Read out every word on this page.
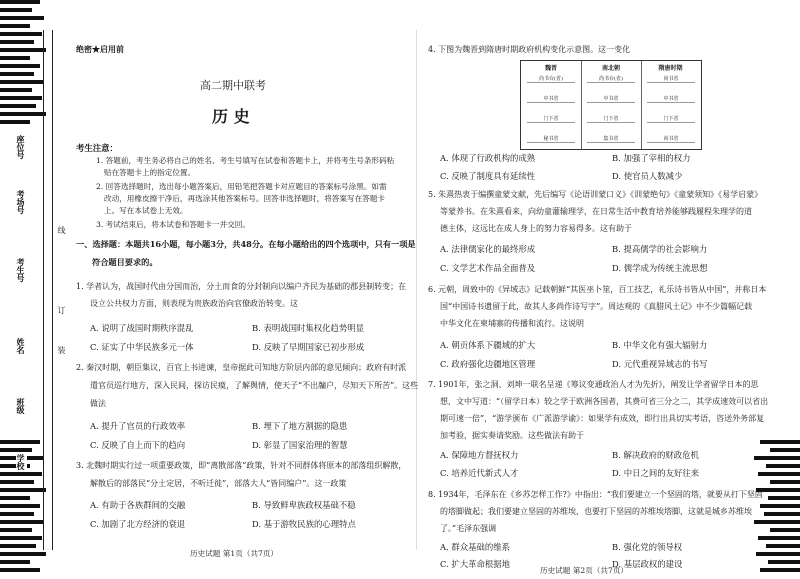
座位号
考场号
考生号
姓名
班级
学校
线
订
装
绝密★启用前
高二期中联考
历 史
考生注意：
1. 答题前，考生务必将自己的姓名、考生号填写在试卷和答题卡上，并将考生号条形码粘
贴在答题卡上的指定位置。
2. 回答选择题时，选出每小题答案后，用铅笔把答题卡对应题目的答案标号涂黑。如需
改动，用橡皮擦干净后，再选涂其他答案标号。回答非选择题时，将答案写在答题卡
上。写在本试卷上无效。
3. 考试结束后，将本试卷和答题卡一并交回。
一、选择题：本题共16小题，每小题3分，共48分。在每小题给出的四个选项中，只有一项是
符合题目要求的。
1. 学者认为，战国时代由分国而治，分土而食的分封制向以编户齐民为基础的郡县制转变；在
设立公共权力方面，则表现为贵族政治向官僚政治转变。这
A. 说明了战国时期秩序混乱	B. 表明战国时集权化趋势明显
C. 证实了中华民族多元一体	D. 反映了早期国家已初步形成
2. 秦汉时期，朝臣集议，百官上书进谏，皇帝据此可知地方阶层内部的意见倾向；政府有时派
遣官员巡行地方，深入民间，探访民瘼，了解舆情，使天子“不出牖户，尽知天下所苦”。这些
做法
A. 提升了官员的行政效率	B. 埋下了地方割据的隐患
C. 反映了自上而下的趋向	D. 彰显了国家治理的智慧
3. 北魏时期实行过一项重要政策，即“离散部落”政策，针对不同群体将原本的部落组织解散，
解散后的部落民“分土定居，不听迁徙”，部落大人“皆同编户”。这一政策
A. 有助于各族群间的交融	B. 导致鲜卑族政权基础不稳
C. 加剧了北方经济的衰退	D. 基于游牧民族的心理特点
历史试题 第1页（共7页）
4. 下图为魏晋到隋唐时期政府机构变化示意图。这一变化
魏晋
尚书台(省)
中书省
门下省
秘书省
南北朝
尚书台(省)
中书省
门下省
集书省
隋唐时期
尚书省
中书省
门下省
尚书省
A. 体现了行政机构的成熟	B. 加强了宰相的权力
C. 反映了制度具有延续性	D. 使官员人数减少
5. 朱熹热衷于编撰童蒙文献，先后编写《论语训蒙口义》《训蒙绝句》《童蒙须知》《易学启蒙》
等蒙养书。在朱熹看来，向幼童灌输理学，在日常生活中教育培养能够践履程朱理学的道
德主体，这远比在成人身上的努力容易得多。这有助于
A. 法律儒家化的最终形成	B. 提高儒学的社会影响力
C. 文学艺术作品全面普及	D. 儒学成为传统主流思想
6. 元朝，周致中的《异域志》记载朝鲜“其医巫卜筮，百工技艺，礼乐诗书皆从中国”，并称日本
国“中国诗书遗留于此，故其人多尚作诗写字”。周达观的《真腊风土记》中不少篇幅记载
中华文化在柬埔寨的传播和流行。这说明
A. 朝贡体系下疆域的扩大	B. 中华文化有强大辐射力
C. 政府强化边疆地区管理	D. 元代重视异域志的书写
7. 1901年，张之洞、刘坤一联名呈递《筹议变通政治人才为先折》，阐发让学者留学日本的思
想，文中写道：“（留学日本）较之学于欧洲各国者，其费可省三分之二，其学成速效可以省出
期可速一倍”，“游学颁布《广派游学谕》：如果学有成效，即行出具切实考语，咨送外务部复
加考验，据实奏请奖励。这些做法有助于
A. 保障地方督抚权力	B. 解决政府的财政危机
C. 培养近代新式人才	D. 中日之间的友好往来
8. 1934年，毛泽东在《乡苏怎样工作?》中指出：“我们要建立一个坚固的塔，就要从打下坚固
的塔脚做起；我们要建立坚固的苏维埃，也要打下坚固的苏维埃塔脚，这就是城乡苏维埃
了。”毛泽东强调
A. 群众基础的维系	B. 强化党的领导权
C. 扩大革命根据地	D. 基层政权的建设
历史试题 第2页（共7页）
